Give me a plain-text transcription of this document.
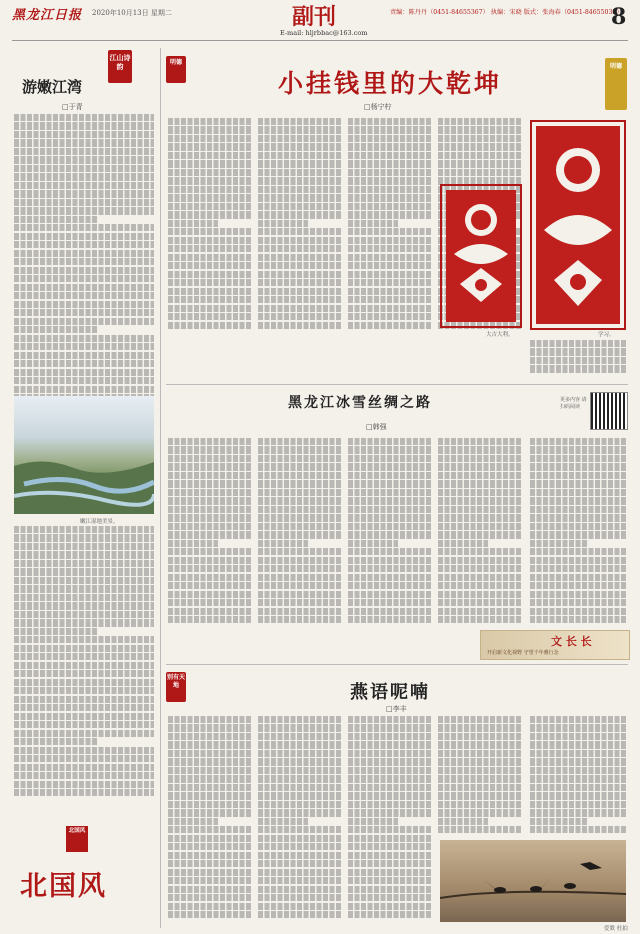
黑龙江日报 2020年10月13日 星期二	副刊
E-mail: hljrbbac@163.com
责编：陈丹丹（0451-84655367） 执编：宋晓 版式：张海春（0451-84655033）
8
江山诗韵
游嫩江湾
□于青
嫩江湿地美景。
北国风
北国风
明德
小挂钱里的大乾坤
□杨宁柠
明德
大吉大利。	学习。
黑龙江冰雪丝绸之路
□韩强
更多内容 请扫码阅读
文 长 长
开启新文化视野 守望千年雅行念
别有天地	燕语呢喃
□李丰
爱歌 杜拍
